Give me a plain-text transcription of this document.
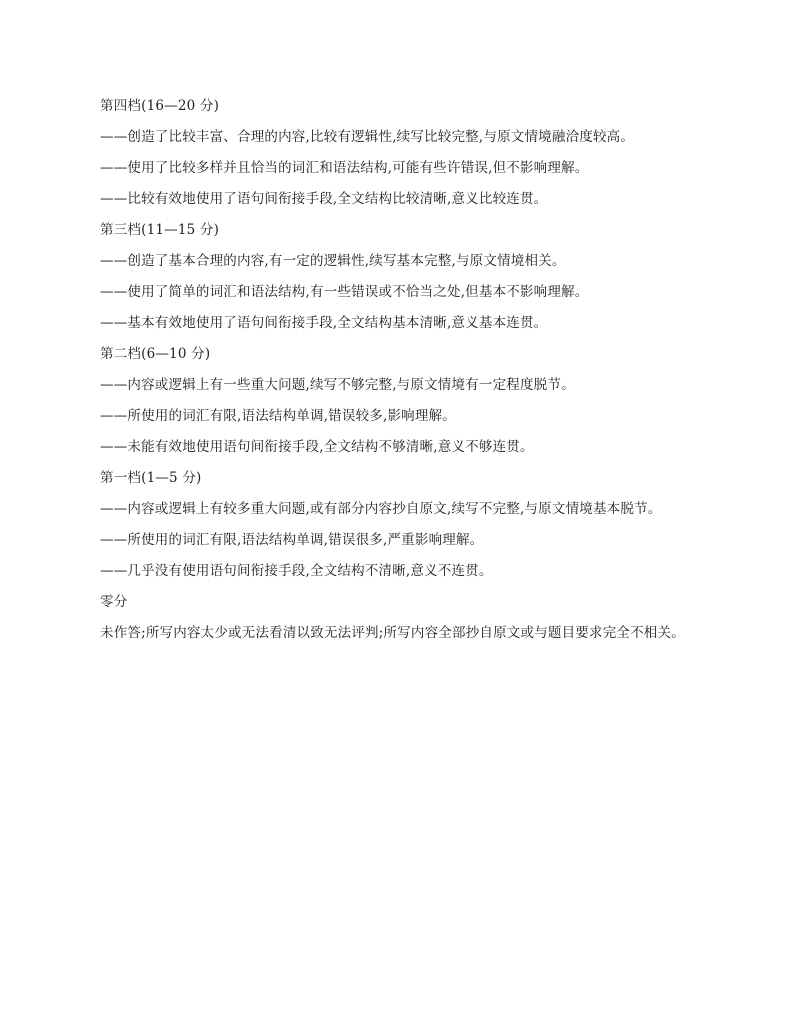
第四档(16—20 分)
——创造了比较丰富、合理的内容,比较有逻辑性,续写比较完整,与原文情境融洽度较高。
——使用了比较多样并且恰当的词汇和语法结构,可能有些许错误,但不影响理解。
——比较有效地使用了语句间衔接手段,全文结构比较清晰,意义比较连贯。
第三档(11—15 分)
——创造了基本合理的内容,有一定的逻辑性,续写基本完整,与原文情境相关。
——使用了简单的词汇和语法结构,有一些错误或不恰当之处,但基本不影响理解。
——基本有效地使用了语句间衔接手段,全文结构基本清晰,意义基本连贯。
第二档(6—10 分)
——内容或逻辑上有一些重大问题,续写不够完整,与原文情境有一定程度脱节。
——所使用的词汇有限,语法结构单调,错误较多,影响理解。
——未能有效地使用语句间衔接手段,全文结构不够清晰,意义不够连贯。
第一档(1—5 分)
——内容或逻辑上有较多重大问题,或有部分内容抄自原文,续写不完整,与原文情境基本脱节。
——所使用的词汇有限,语法结构单调,错误很多,严重影响理解。
——几乎没有使用语句间衔接手段,全文结构不清晰,意义不连贯。
零分
未作答;所写内容太少或无法看清以致无法评判;所写内容全部抄自原文或与题目要求完全不相关。
